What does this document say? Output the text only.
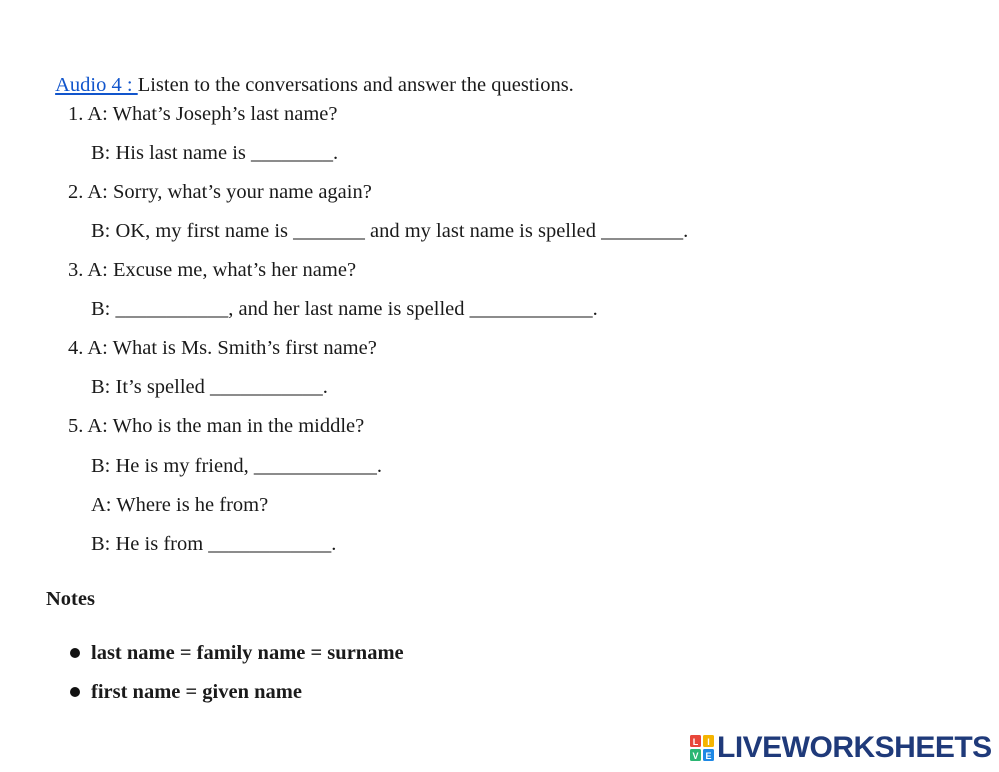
Audio 4 : Listen to the conversations and answer the questions.

1. A: What’s Joseph’s last name?
B: His last name is ________.
2. A: Sorry, what’s your name again?
B: OK, my first name is _______ and my last name is spelled ________.
3. A: Excuse me, what’s her name?
B: ___________, and her last name is spelled ____________.
4. A: What is Ms. Smith’s first name?
B: It’s spelled ___________.
5. A: Who is the man in the middle?
B: He is my friend, ____________.
A: Where is he from?
B: He is from ____________.
Notes
last name = family name = surname
first name = given name
L I
V E LIVEWORKSHEETS
